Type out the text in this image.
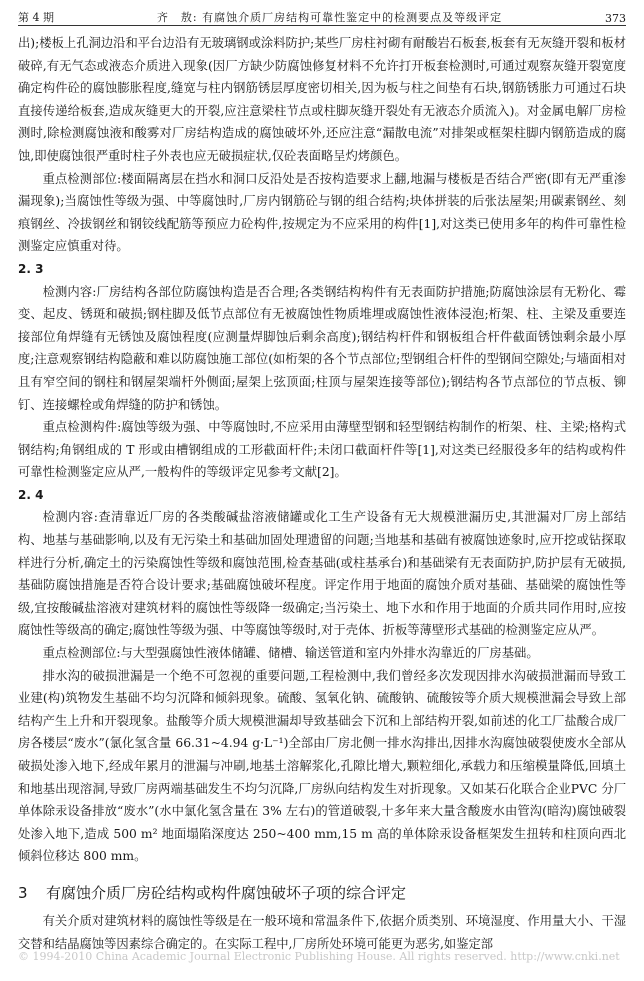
第 4 期	齐　敖: 有腐蚀介质厂房结构可靠性鉴定中的检测要点及等级评定	373

出);楼板上孔洞边沿和平台边沿有无玻璃钢或涂料防护;某些厂房柱衬砌有耐酸岩石板套,板套有无灰缝开裂和板材破碎,有无气态或液态介质进入现象(因厂方缺少防腐蚀修复材料不允许打开板套检测时,可通过观察灰缝开裂宽度确定构件砼的腐蚀膨胀程度,缝宽与柱内钢筋锈层厚度密切相关,因为板与柱之间垫有石块,钢筋锈胀力可通过石块直接传递给板套,造成灰缝更大的开裂,应注意梁柱节点或柱脚灰缝开裂处有无液态介质流入)。对金属电解厂房检测时,除检测腐蚀液和酸雾对厂房结构造成的腐蚀破坏外,还应注意“漏散电流”对排架或框架柱脚内钢筋造成的腐蚀,即使腐蚀很严重时柱子外表也应无破损症状,仅砼表面略呈灼烤颜色。

重点检测部位:楼面隔离层在挡水和洞口反沿处是否按构造要求上翻,地漏与楼板是否结合严密(即有无严重渗漏现象);当腐蚀性等级为强、中等腐蚀时,厂房内钢筋砼与钢的组合结构;块体拼装的后张法屋架;用碳素钢丝、刻痕钢丝、冷拔钢丝和钢铰线配筋等预应力砼构件,按规定为不应采用的构件[1],对这类已使用多年的构件可靠性检测鉴定应慎重对待。

2. 3

检测内容:厂房结构各部位防腐蚀构造是否合理;各类钢结构构件有无表面防护措施;防腐蚀涂层有无粉化、霉变、起皮、锈斑和破损;钢柱脚及低节点部位有无被腐蚀性物质堆埋或腐蚀性液体浸泡;桁架、柱、主梁及重要连接部位角焊缝有无锈蚀及腐蚀程度(应测量焊脚蚀后剩余高度);钢结构杆件和钢板组合杆件截面锈蚀剩余最小厚度;注意观察钢结构隐蔽和难以防腐蚀施工部位(如桁架的各个节点部位;型钢组合杆件的型钢间空隙处;与墙面相对且有窄空间的钢柱和钢屋架端杆外侧面;屋架上弦顶面;柱顶与屋架连接等部位);钢结构各节点部位的节点板、铆钉、连接螺栓或角焊缝的防护和锈蚀。

重点检测构件:腐蚀等级为强、中等腐蚀时,不应采用由薄壁型钢和轻型钢结构制作的桁架、柱、主梁;格构式钢结构;角钢组成的 T 形或由槽钢组成的工形截面杆件;未闭口截面杆件等[1],对这类已经服役多年的结构或构件可靠性检测鉴定应从严,一般构件的等级评定见参考文献[2]。

2. 4

检测内容:查清靠近厂房的各类酸碱盐溶液储罐或化工生产设备有无大规模泄漏历史,其泄漏对厂房上部结构、地基与基础影响,以及有无污染土和基础加固处理遗留的问题;当地基和基础有被腐蚀迹象时,应开挖或钻探取样进行分析,确定土的污染腐蚀性等级和腐蚀范围,检查基础(或柱基承台)和基础梁有无表面防护,防护层有无破损,基础防腐蚀措施是否符合设计要求;基础腐蚀破坏程度。评定作用于地面的腐蚀介质对基础、基础梁的腐蚀性等级,宜按酸碱盐溶液对建筑材料的腐蚀性等级降一级确定;当污染土、地下水和作用于地面的介质共同作用时,应按腐蚀性等级高的确定;腐蚀性等级为强、中等腐蚀等级时,对于壳体、折板等薄壁形式基础的检测鉴定应从严。

重点检测部位:与大型强腐蚀性液体储罐、储槽、输送管道和室内外排水沟靠近的厂房基础。

排水沟的破损泄漏是一个绝不可忽视的重要问题,工程检测中,我们曾经多次发现因排水沟破损泄漏而导致工业建(构)筑物发生基础不均匀沉降和倾斜现象。硫酸、氢氧化钠、硫酸钠、硫酸铵等介质大规模泄漏会导致上部结构产生上升和开裂现象。盐酸等介质大规模泄漏却导致基础会下沉和上部结构开裂,如前述的化工厂盐酸合成厂房各楼层“废水”(氯化氢含量 66.31~4.94 g·L⁻¹)全部由厂房北侧一排水沟排出,因排水沟腐蚀破裂使废水全部从破损处渗入地下,经成年累月的泄漏与冲刷,地基土溶解浆化,孔隙比增大,颗粒细化,承载力和压缩模量降低,回填土和地基出现溶洞,导致厂房两端基础发生不均匀沉降,厂房纵向结构发生对折现象。又如某石化联合企业PVC 分厂单体除汞设备排放“废水”(水中氯化氢含量在 3% 左右)的管道破裂,十多年来大量含酸废水由管沟(暗沟)腐蚀破裂处渗入地下,造成 500 m² 地面塌陷深度达 250~400 mm,15 m 高的单体除汞设备框架发生扭转和柱顶向西北倾斜位移达 800 mm。

3 有腐蚀介质厂房砼结构或构件腐蚀破坏子项的综合评定

有关介质对建筑材料的腐蚀性等级是在一般环境和常温条件下,依据介质类别、环境湿度、作用量大小、干湿交替和结晶腐蚀等因素综合确定的。在实际工程中,厂房所处环境可能更为恶劣,如鉴定部

© 1994-2010 China Academic Journal Electronic Publishing House. All rights reserved. http://www.cnki.net
